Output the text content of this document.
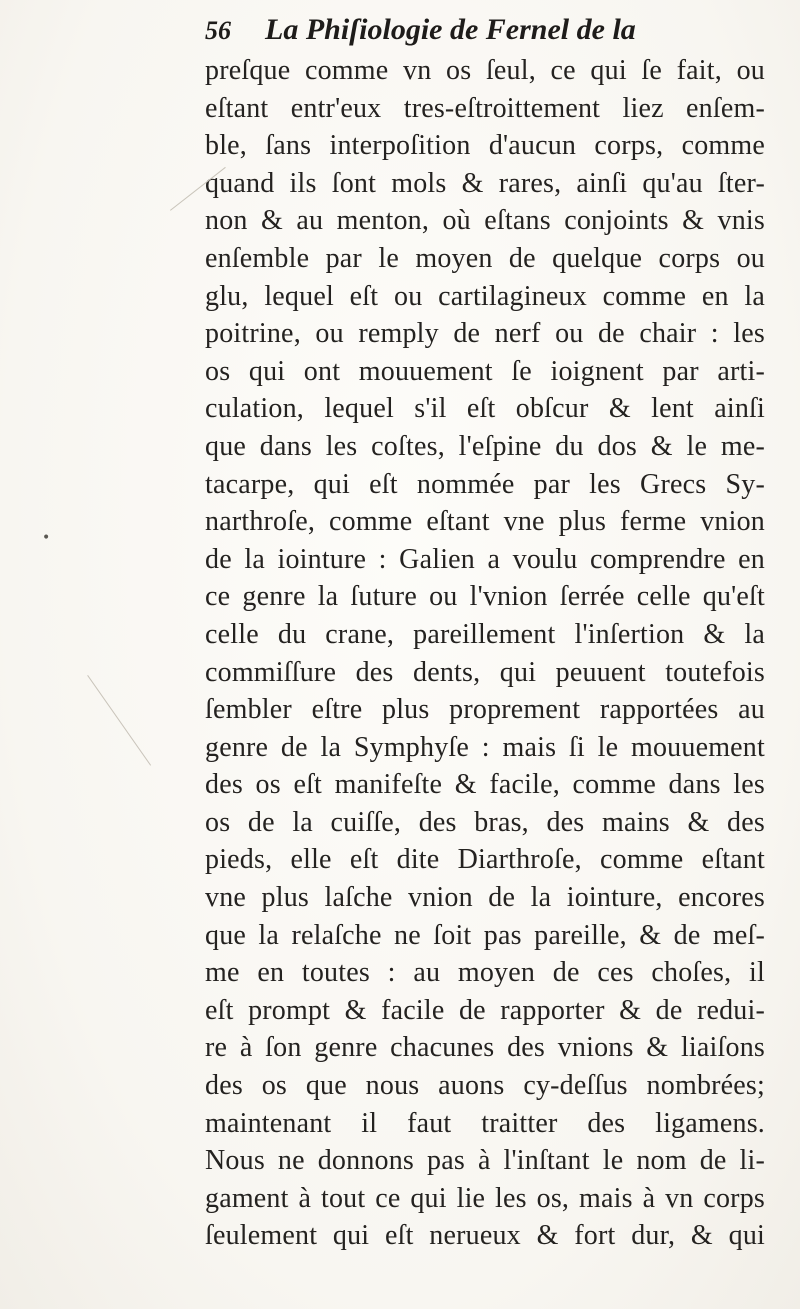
56 La Phiſiologie de Fernel de la
preſque comme vn os ſeul, ce qui ſe fait, ou
eſtant entr'eux tres-eſtroittement liez enſem-
ble, ſans interpoſition d'aucun corps, comme
quand ils ſont mols & rares, ainſi qu'au ſter-
non & au menton, où eſtans conjoints & vnis
enſemble par le moyen de quelque corps ou
glu, lequel eſt ou cartilagineux comme en la
poitrine, ou remply de nerf ou de chair : les
os qui ont mouuement ſe ioignent par arti-
culation, lequel s'il eſt obſcur & lent ainſi
que dans les coſtes, l'eſpine du dos & le me-
tacarpe, qui eſt nommée par les Grecs Sy-
narthroſe, comme eſtant vne plus ferme vnion
de la iointure : Galien a voulu comprendre en
ce genre la ſuture ou l'vnion ſerrée celle qu'eſt
celle du crane, pareillement l'inſertion & la
commiſſure des dents, qui peuuent toutefois
ſembler eſtre plus proprement rapportées au
genre de la Symphyſe : mais ſi le mouuement
des os eſt manifeſte & facile, comme dans les
os de la cuiſſe, des bras, des mains & des
pieds, elle eſt dite Diarthroſe, comme eſtant
vne plus laſche vnion de la iointure, encores
que la relaſche ne ſoit pas pareille, & de meſ-
me en toutes : au moyen de ces choſes, il
eſt prompt & facile de rapporter & de redui-
re à ſon genre chacunes des vnions & liaiſons
des os que nous auons cy-deſſus nombrées;
maintenant il faut traitter des ligamens.
Nous ne donnons pas à l'inſtant le nom de li-
gament à tout ce qui lie les os, mais à vn corps
ſeulement qui eſt nerueux & fort dur, & qui
•
